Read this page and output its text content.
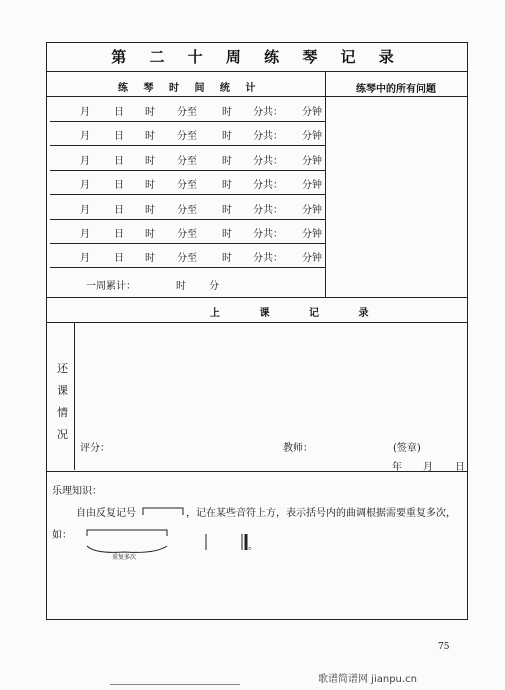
第 二 十 周 练 琴 记 录
练 琴 时 间 统 计	练琴中的所有问题
月 日 时 分至	时 分共： 分钟
月 日 时 分至	时 分共： 分钟
月 日 时 分至	时 分共： 分钟
月 日 时 分至	时 分共： 分钟
月 日 时 分至	时 分共： 分钟
月 日 时 分至	时 分共： 分钟
月 日 时 分至	时 分共： 分钟
一周累计：	时 分
上 课 记 录
还
课
情
况
评分：	教师：	(签章)
年 月 日
乐理知识：
自由反复记号	，记在某些音符上方，表示括号内的曲调根据需要重复多次，
如：
重复多次
。
75
歌谱简谱网 jianpu.cn
